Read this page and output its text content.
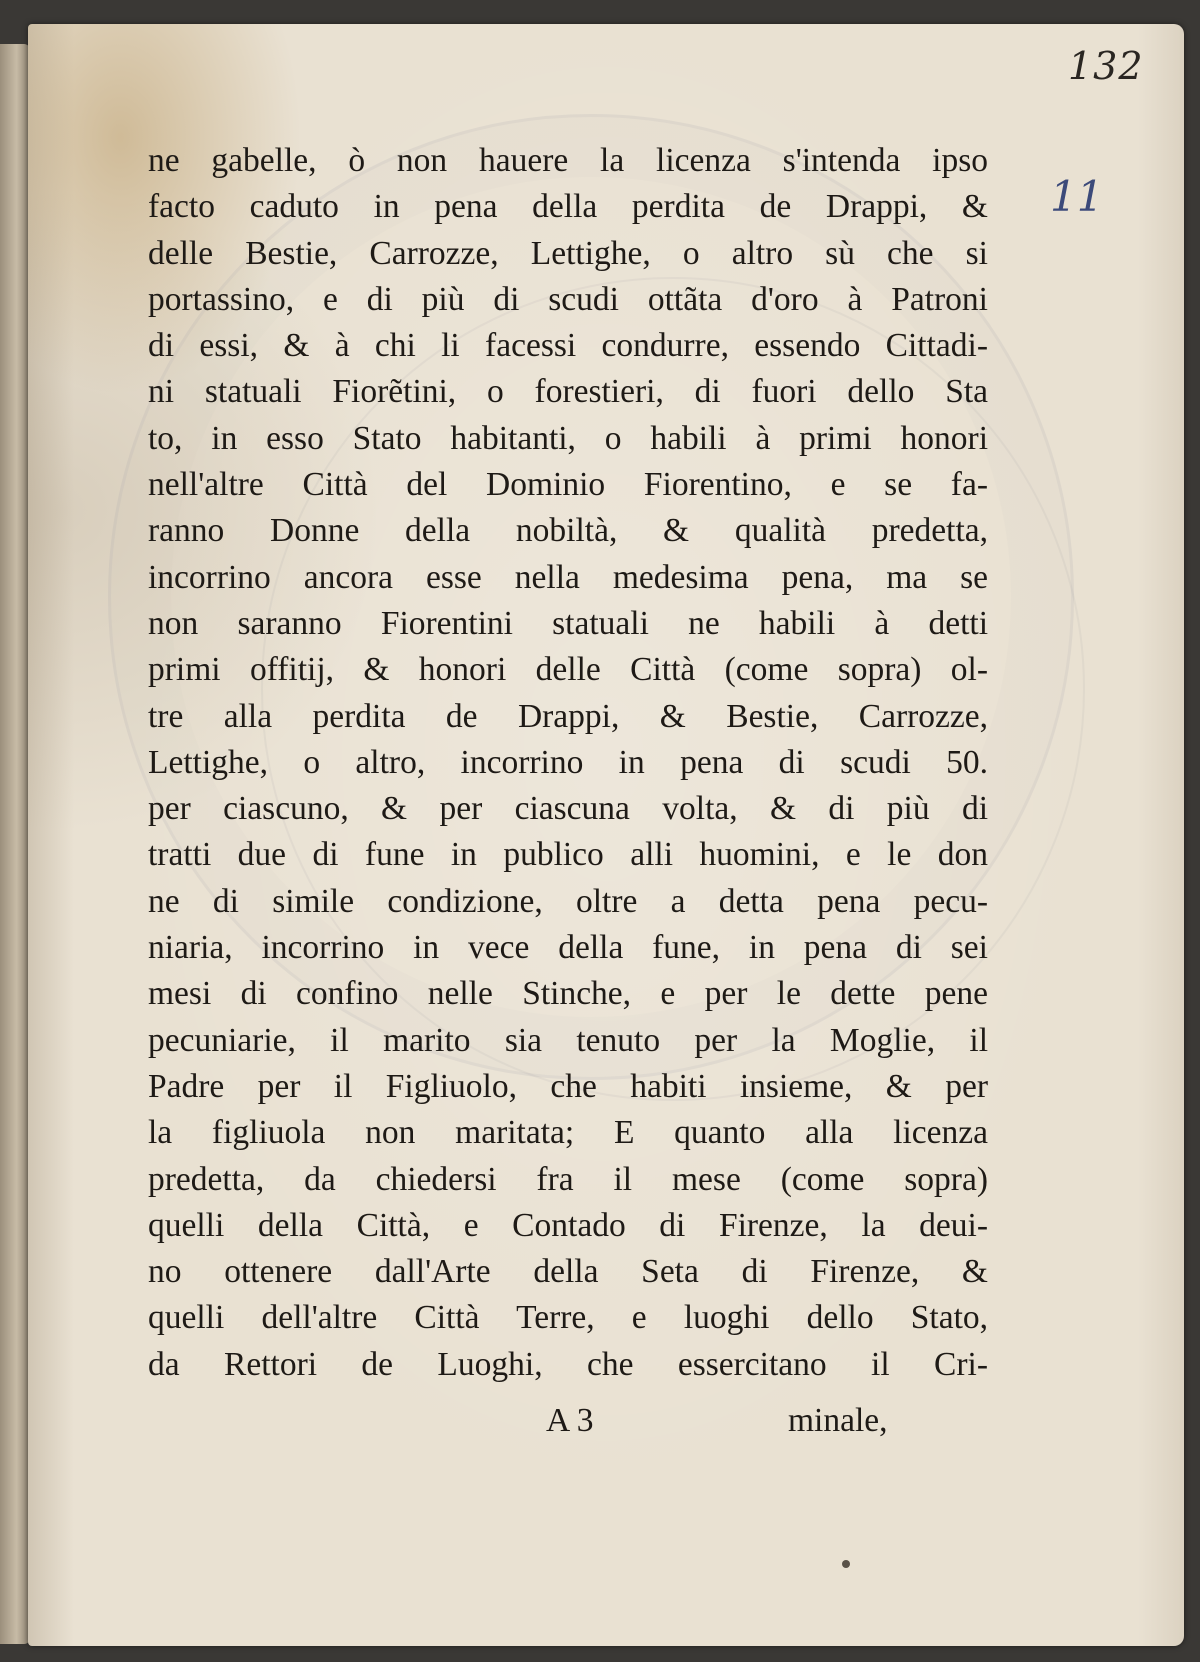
132
11
ne gabelle, ò non hauere la licenza s'intenda ipso
facto caduto in pena della perdita de Drappi, &
delle Bestie, Carrozze, Lettighe, o altro sù che si
portassino, e di più di scudi ottãta d'oro à Patroni
di essi, & à chi li facessi condurre, essendo Cittadi-
ni statuali Fiorẽtini, o forestieri, di fuori dello Sta
to, in esso Stato habitanti, o habili à primi honori
nell'altre Città del Dominio Fiorentino, e se fa-
ranno Donne della nobiltà, & qualità predetta,
incorrino ancora esse nella medesima pena, ma se
non saranno Fiorentini statuali ne habili à detti
primi offitij, & honori delle Città (come sopra) ol-
tre alla perdita de Drappi, & Bestie, Carrozze,
Lettighe, o altro, incorrino in pena di scudi 50.
per ciascuno, & per ciascuna volta, & di più di
tratti due di fune in publico alli huomini, e le don
ne di simile condizione, oltre a detta pena pecu-
niaria, incorrino in vece della fune, in pena di sei
mesi di confino nelle Stinche, e per le dette pene
pecuniarie, il marito sia tenuto per la Moglie, il
Padre per il Figliuolo, che habiti insieme, & per
la figliuola non maritata; E quanto alla licenza
predetta, da chiedersi fra il mese (come sopra)
quelli della Città, e Contado di Firenze, la deui-
no ottenere dall'Arte della Seta di Firenze, &
quelli dell'altre Città Terre, e luoghi dello Stato,
da Rettori de Luoghi, che essercitano il Cri-
A 3	minale,
